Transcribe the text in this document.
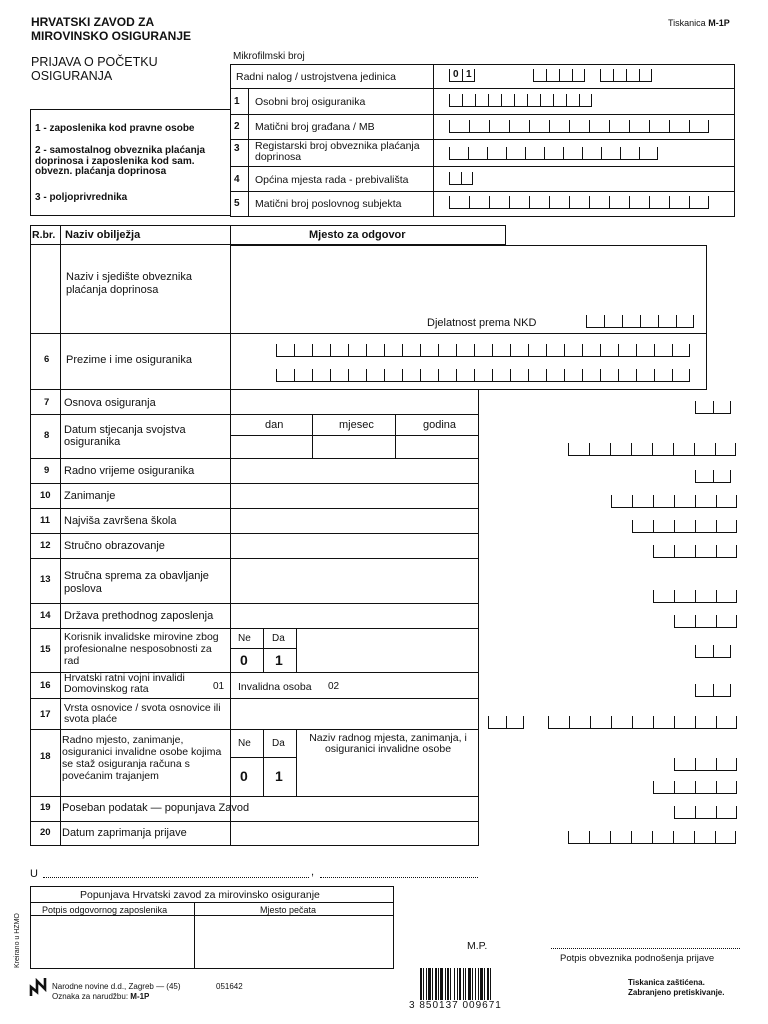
HRVATSKI ZAVOD ZA
MIROVINSKO OSIGURANJE
PRIJAVA O POČETKU
OSIGURANJA
Tiskanica M-1P
Mikrofilmski broj
Radni nalog / ustrojstvena jedinica	0 1
1 Osobni broj osiguranika
2 Matični broj građana / MB
3 Registarski broj obveznika plaćanja doprinosa
4 Općina mjesta rada - prebivališta
5 Matični broj poslovnog subjekta
1 - zaposlenika kod pravne osobe
2 - samostalnog obveznika plaćanja doprinosa i zaposlenika kod sam. obvezn. plaćanja doprinosa
3 - poljoprivrednika
R.br. Naziv obilježja	Mjesto za odgovor
Naziv i sjedište obveznika plaćanja doprinosa
Djelatnost prema NKD
6 Prezime i ime osiguranika
7 Osnova osiguranja
8 Datum stjecanja svojstva osiguranika
dan	mjesec	godina
9 Radno vrijeme osiguranika
10 Zanimanje
11 Najviša završena škola
12 Stručno obrazovanje
13 Stručna sprema za obavljanje poslova
14 Država prethodnog zaposlenja
15
Korisnik invalidske mirovine zbog profesionalne nesposobnosti za rad
Ne Da
0 1
16
Hrvatski ratni vojni invalidi Domovinskog rata	01 Invalidna osoba 02
17
Vrsta osnovice / svota osnovice ili svota plaće
18
Radno mjesto, zanimanje, osiguranici invalidne osobe kojima se staž osiguranja računa s povećanim trajanjem
Ne Da
0 1
Naziv radnog mjesta, zanimanja, i osiguranici invalidne osobe
19 Poseban podatak — popunjava Zavod
20 Datum zaprimanja prijave
U	,
Popunjava Hrvatski zavod za mirovinsko osiguranje
Potpis odgovornog zaposlenika	Mjesto pečata
Kreirano u HZMO	M.P.
Potpis obveznika podnošenja prijave
Narodne novine d.d., Zagreb — (45)
Oznaka za narudžbu: M-1P
051642
3 850137 009671
Tiskanica zaštićena.
Zabranjeno pretiskivanje.
